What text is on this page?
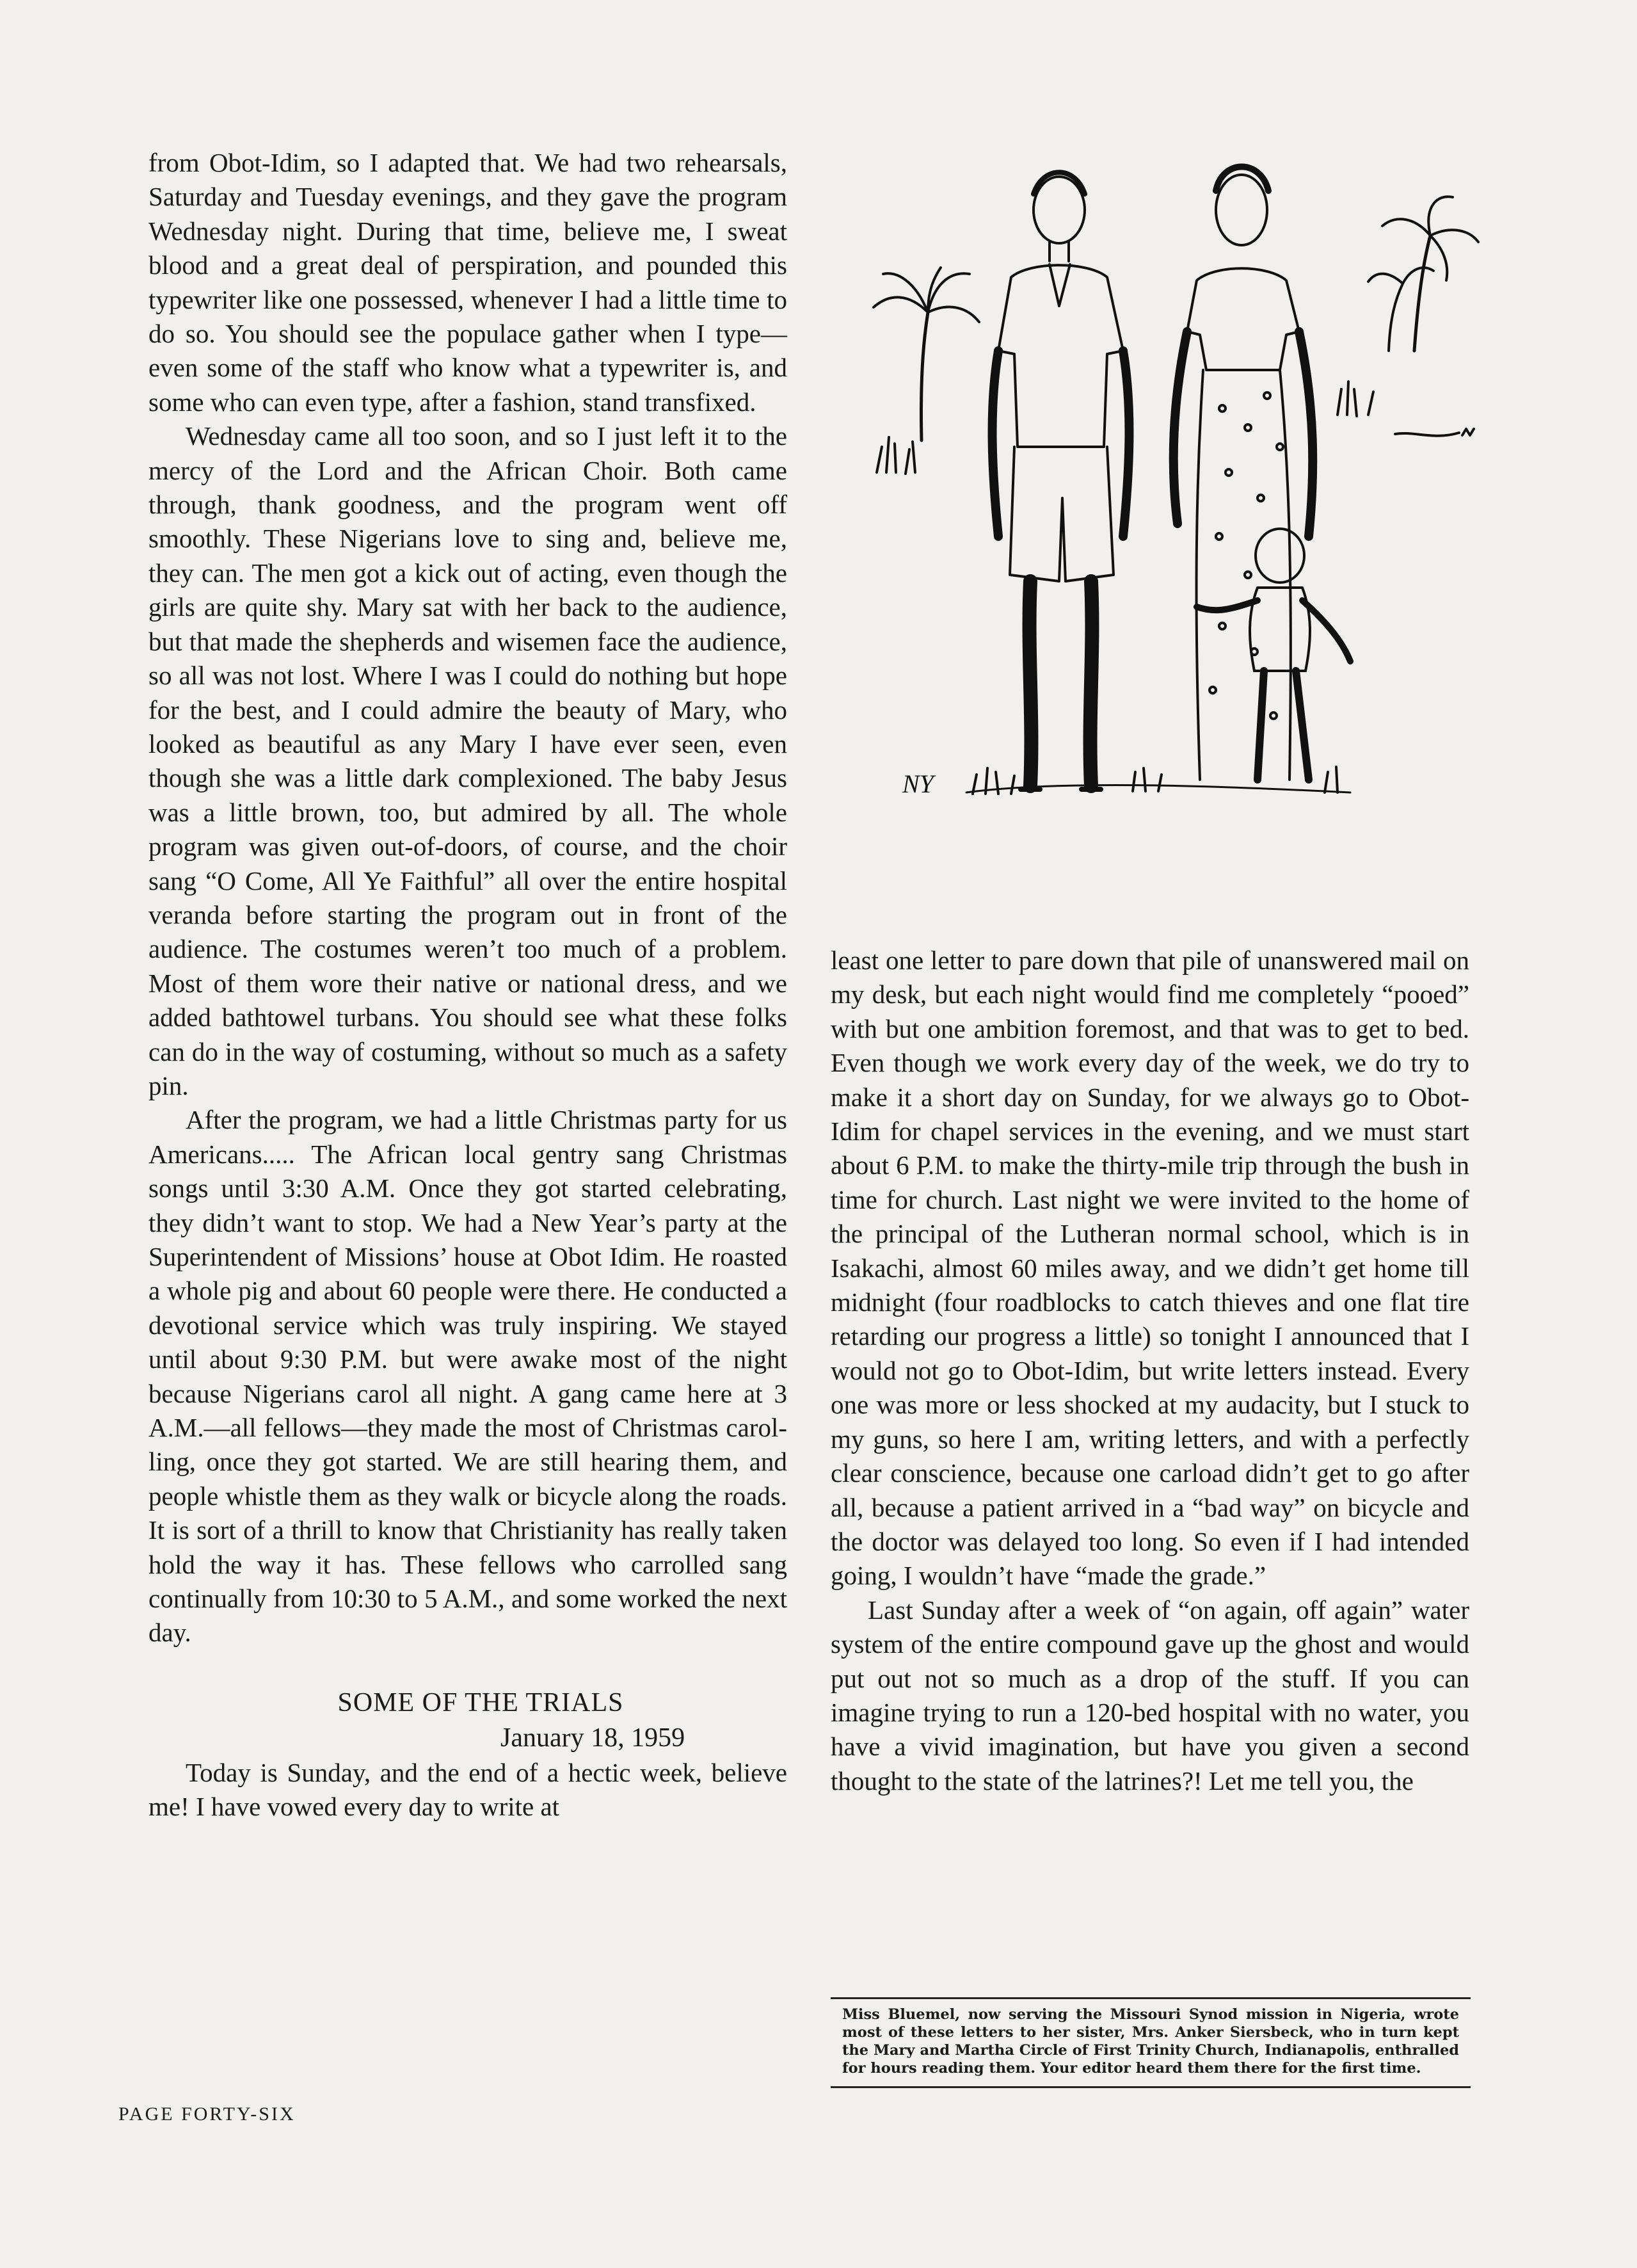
from Obot-Idim, so I adapted that. We had two rehearsals, Saturday and Tuesday evenings, and they gave the program Wednesday night. During that time, believe me, I sweat blood and a great deal of perspiration, and pounded this typewriter like one possessed, whenever I had a little time to do so. You should see the populace gather when I type—even some of the staff who know what a typewriter is, and some who can even type, after a fashion, stand transfixed.

Wednesday came all too soon, and so I just left it to the mercy of the Lord and the African Choir. Both came through, thank goodness, and the program went off smoothly. These Nigerians love to sing and, believe me, they can. The men got a kick out of acting, even though the girls are quite shy. Mary sat with her back to the audience, but that made the shepherds and wisemen face the audience, so all was not lost. Where I was I could do nothing but hope for the best, and I could admire the beauty of Mary, who looked as beautiful as any Mary I have ever seen, even though she was a little dark complexioned. The baby Jesus was a little brown, too, but admired by all. The whole program was given out-of-doors, of course, and the choir sang “O Come, All Ye Faithful” all over the entire hospital veranda before starting the program out in front of the audience. The costumes weren’t too much of a problem. Most of them wore their native or national dress, and we added bathtowel turbans. You should see what these folks can do in the way of costuming, without so much as a safety pin.

After the program, we had a little Christmas party for us Americans..... The African local gentry sang Christmas songs until 3:30 A.M. Once they got started celebrating, they didn’t want to stop. We had a New Year’s party at the Superintendent of Missions’ house at Obot Idim. He roasted a whole pig and about 60 people were there. He conducted a devotional service which was truly inspiring. We stayed until about 9:30 P.M. but were awake most of the night because Nigerians carol all night. A gang came here at 3 A.M.—all fellows—they made the most of Christmas carolling, once they got started. We are still hearing them, and people whistle them as they walk or bicycle along the roads. It is sort of a thrill to know that Christianity has really taken hold the way it has. These fellows who carrolled sang continually from 10:30 to 5 A.M., and some worked the next day.

SOME OF THE TRIALS
January 18, 1959

Today is Sunday, and the end of a hectic week, believe me! I have vowed every day to write at

NY

least one letter to pare down that pile of unanswered mail on my desk, but each night would find me completely “pooed” with but one ambition foremost, and that was to get to bed. Even though we work every day of the week, we do try to make it a short day on Sunday, for we always go to Obot-Idim for chapel services in the evening, and we must start about 6 P.M. to make the thirty-mile trip through the bush in time for church. Last night we were invited to the home of the principal of the Lutheran normal school, which is in Isakachi, almost 60 miles away, and we didn’t get home till midnight (four roadblocks to catch thieves and one flat tire retarding our progress a little) so tonight I announced that I would not go to Obot-Idim, but write letters instead. Every one was more or less shocked at my audacity, but I stuck to my guns, so here I am, writing letters, and with a perfectly clear conscience, because one carload didn’t get to go after all, because a patient arrived in a “bad way” on bicycle and the doctor was delayed too long. So even if I had intended going, I wouldn’t have “made the grade.”

Last Sunday after a week of “on again, off again” water system of the entire compound gave up the ghost and would put out not so much as a drop of the stuff. If you can imagine trying to run a 120-bed hospital with no water, you have a vivid imagination, but have you given a second thought to the state of the latrines?! Let me tell you, the

Miss Bluemel, now serving the Missouri Synod mission in Nigeria, wrote most of these letters to her sister, Mrs. Anker Siersbeck, who in turn kept the Mary and Martha Circle of First Trinity Church, Indianapolis, enthralled for hours reading them. Your editor heard them there for the first time.
PAGE FORTY-SIX
